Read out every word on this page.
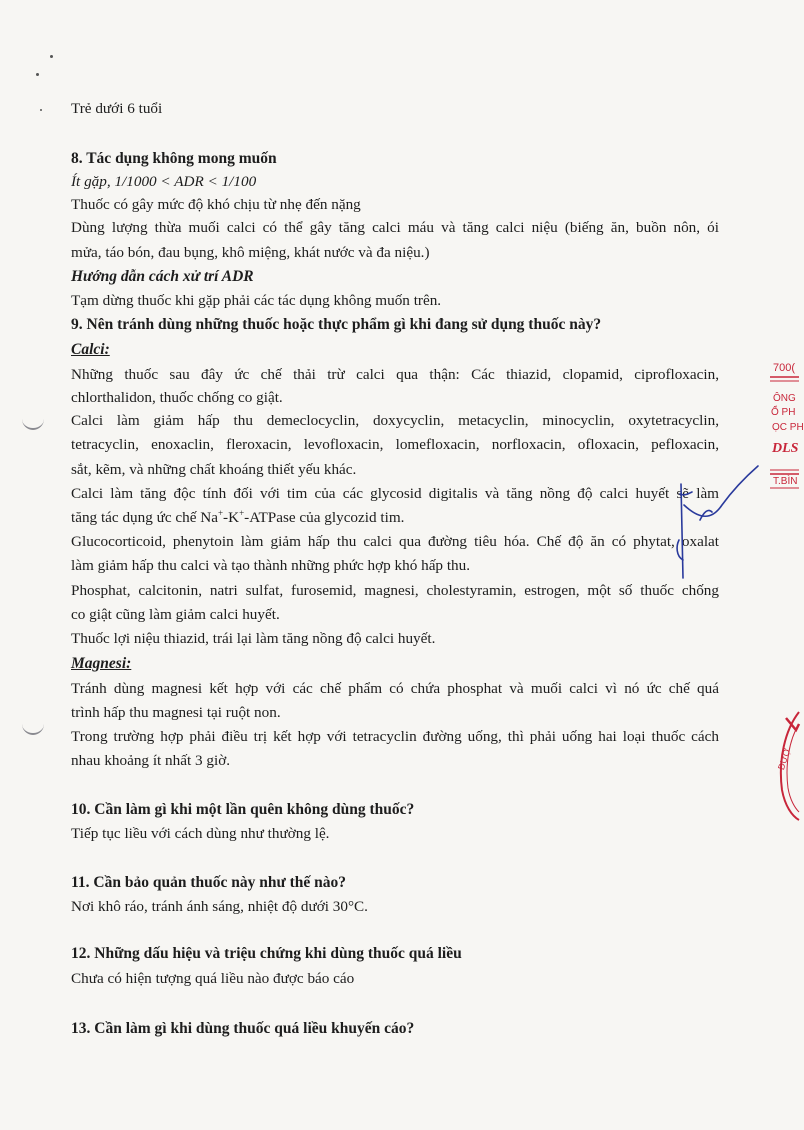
Trẻ dưới 6 tuổi

8. Tác dụng không mong muốn

Ít gặp, 1/1000 < ADR < 1/100

Thuốc có gây mức độ khó chịu từ nhẹ đến nặng

Dùng lượng thừa muối calci có thể gây tăng calci máu và tăng calci niệu (biếng ăn, buồn nôn, ói

mửa, táo bón, đau bụng, khô miệng, khát nước và đa niệu.)

Hướng dẫn cách xử trí ADR

Tạm dừng thuốc khi gặp phải các tác dụng không muốn trên.

9. Nên tránh dùng những thuốc hoặc thực phẩm gì khi đang sử dụng thuốc này?

Calci:

Những thuốc sau đây ức chế thải trừ calci qua thận: Các thiazid, clopamid, ciprofloxacin,

chlorthalidon, thuốc chống co giật.

Calci làm giảm hấp thu demeclocyclin, doxycyclin, metacyclin, minocyclin, oxytetracyclin,

tetracyclin, enoxaclin, fleroxacin, levofloxacin, lomefloxacin, norfloxacin, ofloxacin, pefloxacin,

sắt, kẽm, và những chất khoáng thiết yếu khác.

Calci làm tăng độc tính đối với tim của các glycosid digitalis và tăng nồng độ calci huyết sẽ làm

tăng tác dụng ức chế Na+-K+-ATPase của glycozid tim.

Glucocorticoid, phenytoin làm giảm hấp thu calci qua đường tiêu hóa. Chế độ ăn có phytat, oxalat

làm giảm hấp thu calci và tạo thành những phức hợp khó hấp thu.

Phosphat, calcitonin, natri sulfat, furosemid, magnesi, cholestyramin, estrogen, một số thuốc chống

co giật cũng làm giảm calci huyết.

Thuốc lợi niệu thiazid, trái lại làm tăng nồng độ calci huyết.

Magnesi:

Tránh dùng magnesi kết hợp với các chế phẩm có chứa phosphat và muối calci vì nó ức chế quá

trình hấp thu magnesi tại ruột non.

Trong trường hợp phải điều trị kết hợp với tetracyclin đường uống, thì phải uống hai loại thuốc cách

nhau khoảng ít nhất 3 giờ.

10. Cần làm gì khi một lần quên không dùng thuốc?

Tiếp tục liều với cách dùng như thường lệ.

11. Cần bảo quản thuốc này như thế nào?

Nơi khô ráo, tránh ánh sáng, nhiệt độ dưới 30°C.

12. Những dấu hiệu và triệu chứng khi dùng thuốc quá liều

Chưa có hiện tượng quá liều nào được báo cáo

13. Cần làm gì khi dùng thuốc quá liều khuyến cáo?

700(
ÔNG
Ổ PH
ỌC PH
DLS
T.BÌN
ĐƯỢ
